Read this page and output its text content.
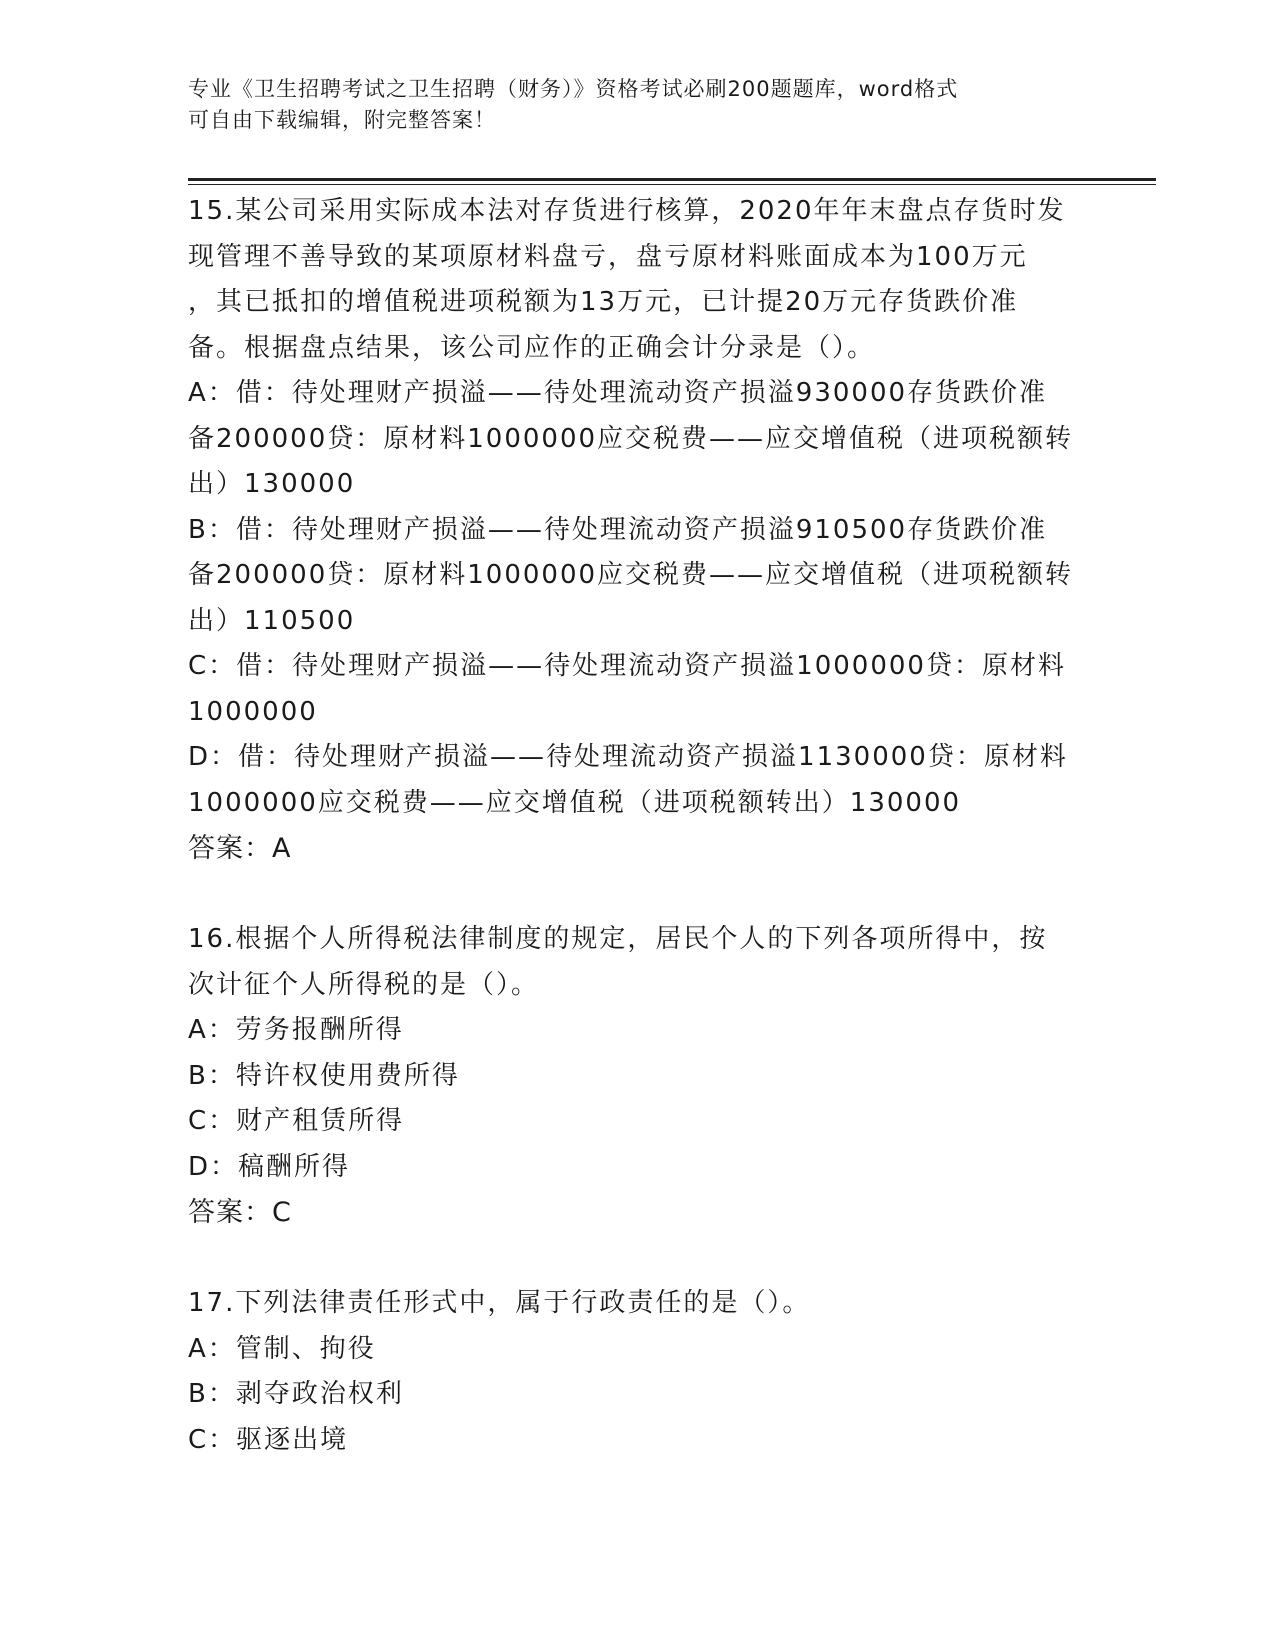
专业《卫生招聘考试之卫生招聘（财务）》资格考试必刷200题题库，word格式
可自由下载编辑，附完整答案！
15.某公司采用实际成本法对存货进行核算，2020年年末盘点存货时发
现管理不善导致的某项原材料盘亏，盘亏原材料账面成本为100万元
，其已抵扣的增值税进项税额为13万元，已计提20万元存货跌价准
备。根据盘点结果，该公司应作的正确会计分录是（）。
A：借：待处理财产损溢——待处理流动资产损溢930000存货跌价准
备200000贷：原材料1000000应交税费——应交增值税（进项税额转
出）130000
B：借：待处理财产损溢——待处理流动资产损溢910500存货跌价准
备200000贷：原材料1000000应交税费——应交增值税（进项税额转
出）110500
C：借：待处理财产损溢——待处理流动资产损溢1000000贷：原材料
1000000
D：借：待处理财产损溢——待处理流动资产损溢1130000贷：原材料
1000000应交税费——应交增值税（进项税额转出）130000
答案：A
16.根据个人所得税法律制度的规定，居民个人的下列各项所得中，按
次计征个人所得税的是（）。
A：劳务报酬所得
B：特许权使用费所得
C：财产租赁所得
D：稿酬所得
答案：C
17.下列法律责任形式中，属于行政责任的是（）。
A：管制、拘役
B：剥夺政治权利
C：驱逐出境
